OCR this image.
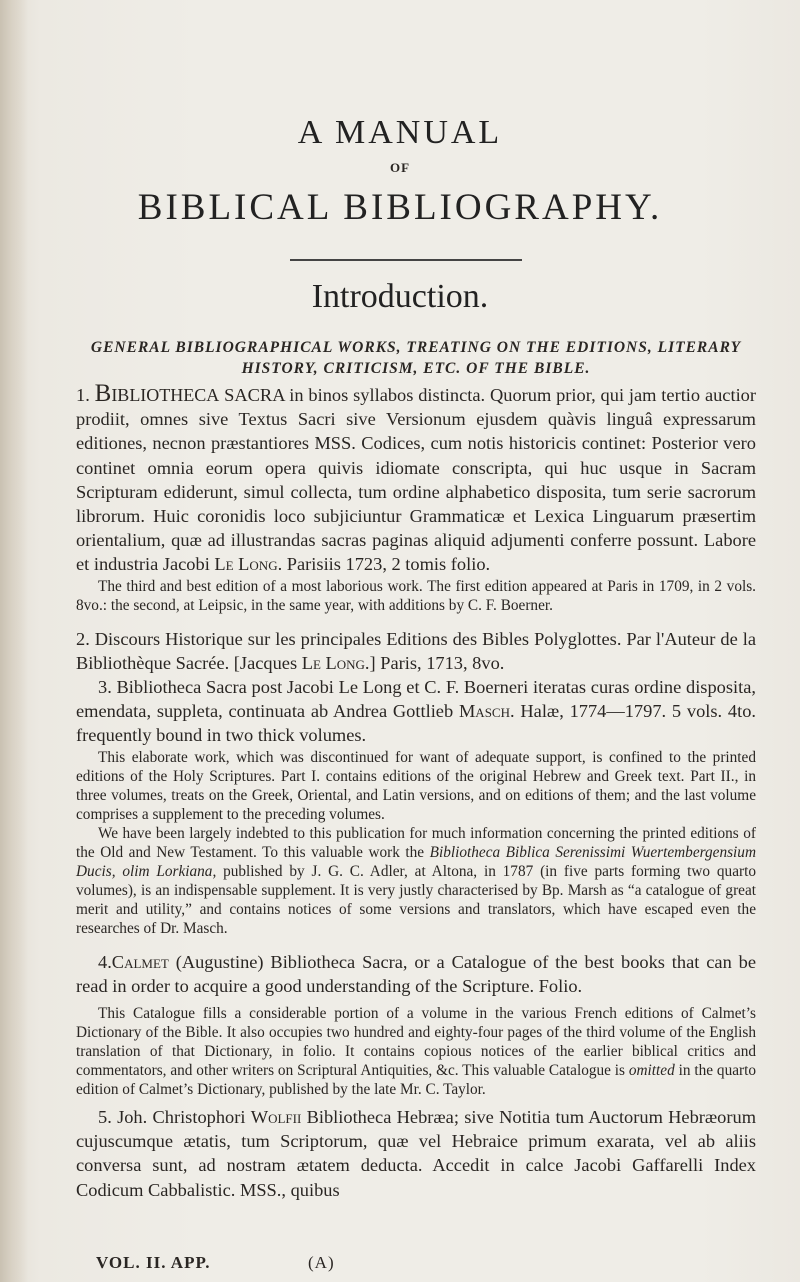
A MANUAL
OF
BIBLICAL BIBLIOGRAPHY.
Introduction.
GENERAL BIBLIOGRAPHICAL WORKS, TREATING ON THE EDITIONS, LITERARY HISTORY, CRITICISM, ETC. OF THE BIBLE.

1. Bibliotheca SACRA in binos syllabos distincta. Quorum prior, qui jam tertio auctior prodiit, omnes sive Textus Sacri sive Versionum ejusdem quàvis linguâ expressarum editiones, necnon præstantiores MSS. Codices, cum notis historicis continet: Posterior vero continet omnia eorum opera quivis idiomate conscripta, qui huc usque in Sacram Scripturam ediderunt, simul collecta, tum ordine alphabetico disposita, tum serie sacrorum librorum. Huic coronidis loco subjiciuntur Grammaticæ et Lexica Linguarum præsertim orientalium, quæ ad illustrandas sacras paginas aliquid adjumenti conferre possunt. Labore et industria Jacobi Le Long. Parisiis 1723, 2 tomis folio.

The third and best edition of a most laborious work. The first edition appeared at Paris in 1709, in 2 vols. 8vo.: the second, at Leipsic, in the same year, with additions by C. F. Boerner.

2. Discours Historique sur les principales Editions des Bibles Polyglottes. Par l'Auteur de la Bibliothèque Sacrée. [Jacques Le Long.] Paris, 1713, 8vo.

3. Bibliotheca Sacra post Jacobi Le Long et C. F. Boerneri iteratas curas ordine disposita, emendata, suppleta, continuata ab Andrea Gottlieb Masch. Halæ, 1774—1797. 5 vols. 4to. frequently bound in two thick volumes.

This elaborate work, which was discontinued for want of adequate support, is confined to the printed editions of the Holy Scriptures. Part I. contains editions of the original Hebrew and Greek text. Part II., in three volumes, treats on the Greek, Oriental, and Latin versions, and on editions of them; and the last volume comprises a supplement to the preceding volumes.

We have been largely indebted to this publication for much information concerning the printed editions of the Old and New Testament. To this valuable work the Bibliotheca Biblica Serenissimi Wuertembergensium Ducis, olim Lorkiana, published by J. G. C. Adler, at Altona, in 1787 (in five parts forming two quarto volumes), is an indispensable supplement. It is very justly characterised by Bp. Marsh as “a catalogue of great merit and utility,” and contains notices of some versions and translators, which have escaped even the researches of Dr. Masch.

4.Calmet (Augustine) Bibliotheca Sacra, or a Catalogue of the best books that can be read in order to acquire a good understanding of the Scripture. Folio.

This Catalogue fills a considerable portion of a volume in the various French editions of Calmet’s Dictionary of the Bible. It also occupies two hundred and eighty-four pages of the third volume of the English translation of that Dictionary, in folio. It contains copious notices of the earlier biblical critics and commentators, and other writers on Scriptural Antiquities, &c. This valuable Catalogue is omitted in the quarto edition of Calmet’s Dictionary, published by the late Mr. C. Taylor.

5. Joh. Christophori Wolfii Bibliotheca Hebræa; sive Notitia tum Auctorum Hebræorum cujuscumque ætatis, tum Scriptorum, quæ vel Hebraice primum exarata, vel ab aliis conversa sunt, ad nostram ætatem deducta. Accedit in calce Jacobi Gaffarelli Index Codicum Cabbalistic. MSS., quibus

VOL. II. APP.	(A)
